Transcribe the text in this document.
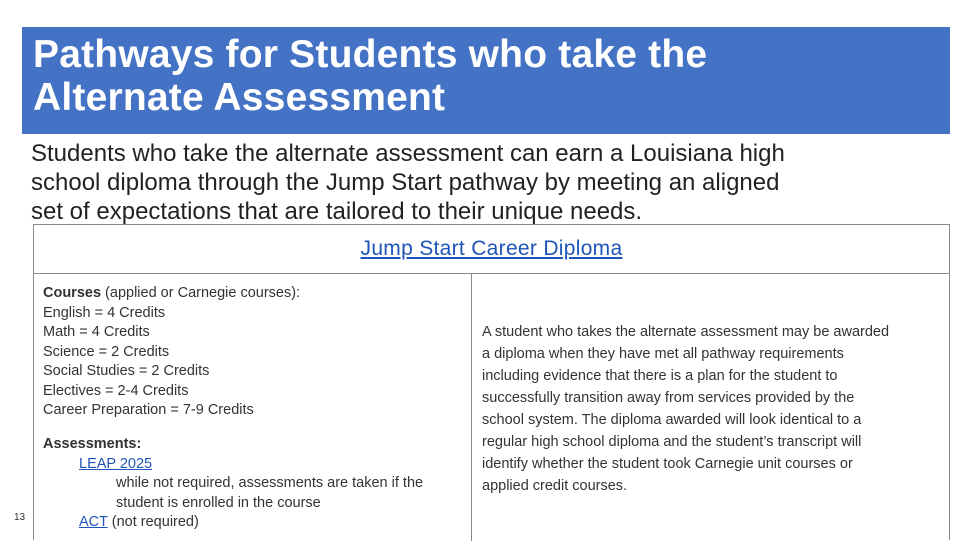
Pathways for Students who take the
Alternate Assessment
Students who take the alternate assessment can earn a Louisiana high
school diploma through the Jump Start pathway by meeting an aligned
set of expectations that are tailored to their unique needs.
Jump Start Career Diploma
Courses (applied or Carnegie courses):
English = 4 Credits
Math = 4 Credits
Science = 2 Credits
Social Studies = 2 Credits
Electives = 2-4 Credits
Career Preparation = 7-9 Credits
Assessments:
LEAP 2025
while not required, assessments are taken if the
student is enrolled in the course
ACT (not required)
A student who takes the alternate assessment may be awarded
a diploma when they have met all pathway requirements
including evidence that there is a plan for the student to
successfully transition away from services provided by the
school system. The diploma awarded will look identical to a
regular high school diploma and the student’s transcript will
identify whether the student took Carnegie unit courses or
applied credit courses.
13
